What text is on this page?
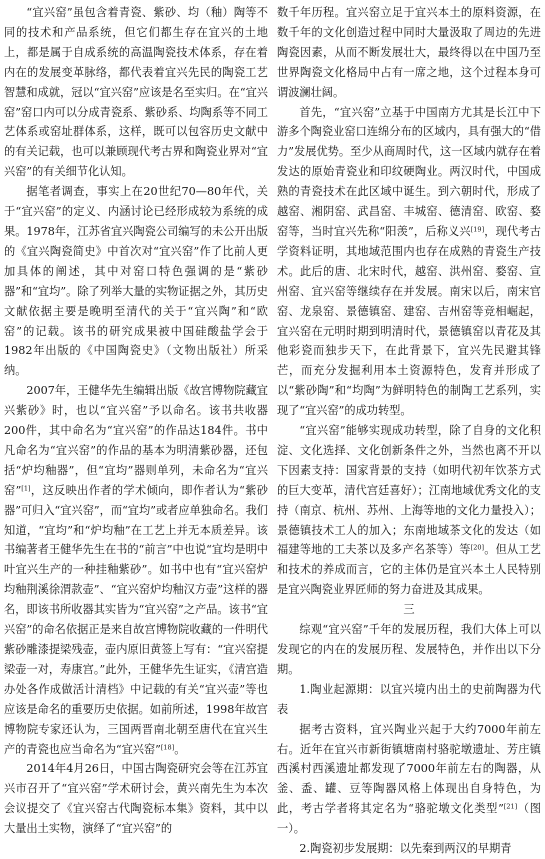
“宜兴窑”虽包含着青瓷、紫砂、均（釉）陶等不同的技术和产品系统，但它们都生存在宜兴的土地上，都是属于自成系统的高温陶瓷技术体系，存在着内在的发展变革脉络，都代表着宜兴先民的陶瓷工艺智慧和成就，冠以“宜兴窑”应该是名至实归。在“宜兴窑”窑口内可以分成青瓷系、紫砂系、均陶系等不同工艺体系或窑址群体系，这样，既可以包容历史文献中的有关记载，也可以兼顾现代考古界和陶瓷业界对“宜兴窑”的有关细节化认知。

据笔者调查，事实上在20世纪70—80年代，关于“宜兴窑”的定义、内涵讨论已经形成较为系统的成果。1978年，江苏省宜兴陶瓷公司编写的未公开出版的《宜兴陶瓷简史》中首次对“宜兴窑”作了比前人更加具体的阐述，其中对窑口特色强调的是“紫砂器”和“宜均”。除了列举大量的实物证据之外，其历史文献依据主要是晚明至清代的关于“宜兴陶”和“欧窑”的记载。该书的研究成果被中国硅酸盐学会于1982年出版的《中国陶瓷史》（文物出版社）所采纳。

2007年，王健华先生编辑出版《故宫博物院藏宜兴紫砂》时，也以“宜兴窑”予以命名。该书共收器200件，其中命名为“宜兴窑”的作品达184件。书中凡命名为“宜兴窑”的作品的基本为明清紫砂器，还包括“炉均釉器”，但“宜均”器则单列，未命名为“宜兴窑”[1]，这反映出作者的学术倾向，即作者认为“紫砂器”可归入“宜兴窑”，而“宜均”或者应单独命名。我们知道，“宜均”和“炉均釉”在工艺上并无本质差异。该书编著者王健华先生在书的“前言”中也说“宜均是明中叶宜兴生产的一种挂釉紫砂”。如书中也有“宜兴窑炉均釉荆溪徐渭款壶”、“宜兴窑炉均釉汉方壶”这样的器名，即该书所收器其实皆为“宜兴窑”之产品。该书“宜兴窑”的命名依据正是来自故宫博物院收藏的一件明代紫砂雕漆提梁残壶，壶内原旧黄签上写有：“宜兴窑提梁壶一对，寿康宫。”此外，王健华先生证实，《清宫造办处各作成做活计清档》中记载的有关“宜兴壶”等也应该是命名的重要历史依据。如前所述，1998年故宫博物院专家还认为，三国两晋南北朝至唐代在宜兴生产的青瓷也应当命名为“宜兴窑”[18]。

2014年4月26日，中国古陶瓷研究会等在江苏宜兴市召开了“宜兴窑”学术研讨会，黄兴南先生为本次会议提交了《宜兴窑古代陶瓷标本集》资料，其中以大量出土实物，演绎了“宜兴窑”的

数千年历程。宜兴窑立足于宜兴本土的原料资源，在数千年的文化创造过程中同时大量汲取了周边的先进陶瓷因素，从而不断发展壮大，最终得以在中国乃至世界陶瓷文化格局中占有一席之地，这个过程本身可谓波澜壮阔。

首先，“宜兴窑”立基于中国南方尤其是长江中下游多个陶瓷业窑口连绵分布的区域内，具有强大的“借力”发展优势。至少从商周时代，这一区域内就存在着发达的原始青瓷业和印纹硬陶业。两汉时代，中国成熟的青瓷技术在此区域中诞生。到六朝时代，形成了越窑、湘阴窑、武昌窑、丰城窑、德清窑、欧窑、婺窑等，当时宜兴先称“阳羡”，后称义兴[19]，现代考古学资料证明，其地域范围内也存在成熟的青瓷生产技术。此后的唐、北宋时代，越窑、洪州窑、婺窑、宣州窑、宜兴窑等继续存在并发展。南宋以后，南宋官窑、龙泉窑、景德镇窑、建窑、吉州窑等竞相崛起，宜兴窑在元明时期到明清时代，景德镇窑以青花及其他彩瓷而独步天下，在此背景下，宜兴先民避其锋芒，而充分发掘利用本土资源特色，发育并形成了以“紫砂陶”和“均陶”为鲜明特色的制陶工艺系列，实现了“宜兴窑”的成功转型。

“宜兴窑”能够实现成功转型，除了自身的文化积淀、文化选择、文化创新条件之外，当然也离不开以下因素支持：国家背景的支持（如明代初年饮茶方式的巨大变革，清代宫廷喜好）；江南地域优秀文化的支持（南京、杭州、苏州、上海等地的文化力量投入）；景德镇技术工人的加入；东南地域茶文化的发达（如福建等地的工夫茶以及多产名茶等）等[20]。但从工艺和技术的养成而言，它的主体仍是宜兴本土人民特别是宜兴陶瓷业界匠师的努力奋进及其成果。

三

综观“宜兴窑”千年的发展历程，我们大体上可以发现它的内在的发展历程、发展特色，并作出以下分期。

1.陶业起源期：以宜兴境内出土的史前陶器为代表

据考古资料，宜兴陶业兴起于大约7000年前左右。近年在宜兴市新街镇塘南村骆驼墩遗址、芳庄镇西溪村西溪遗址都发现了7000年前左右的陶器，从釜、盉、罐、豆等陶器风格上体现出自身特色，为此，考古学者将其定名为“骆驼墩文化类型”[21]（图一）。

2.陶瓷初步发展期：以先秦到两汉的早期青
